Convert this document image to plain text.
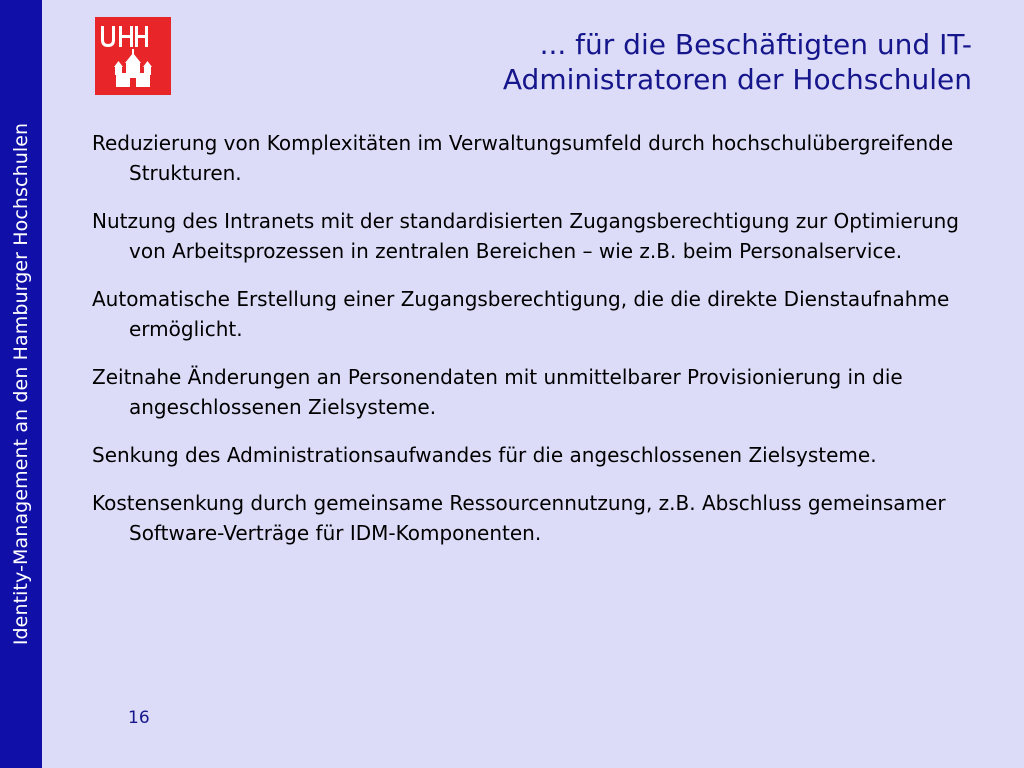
Identity-Management an den Hamburger Hochschulen
... für die Beschäftigten und IT-
Administratoren der Hochschulen

Reduzierung von Komplexitäten im Verwaltungsumfeld durch hochschulübergreifende Strukturen.

Nutzung des Intranets mit der standardisierten Zugangsberechtigung zur Optimierung von Arbeitsprozessen in zentralen Bereichen – wie z.B. beim Personalservice.

Automatische Erstellung einer Zugangsberechtigung, die die direkte Dienstaufnahme ermöglicht.

Zeitnahe Änderungen an Personendaten mit unmittelbarer Provisionierung in die angeschlossenen Zielsysteme.

Senkung des Administrationsaufwandes für die angeschlossenen Zielsysteme.

Kostensenkung durch gemeinsame Ressourcennutzung, z.B. Abschluss gemeinsamer Software-Verträge für IDM-Komponenten.

16
